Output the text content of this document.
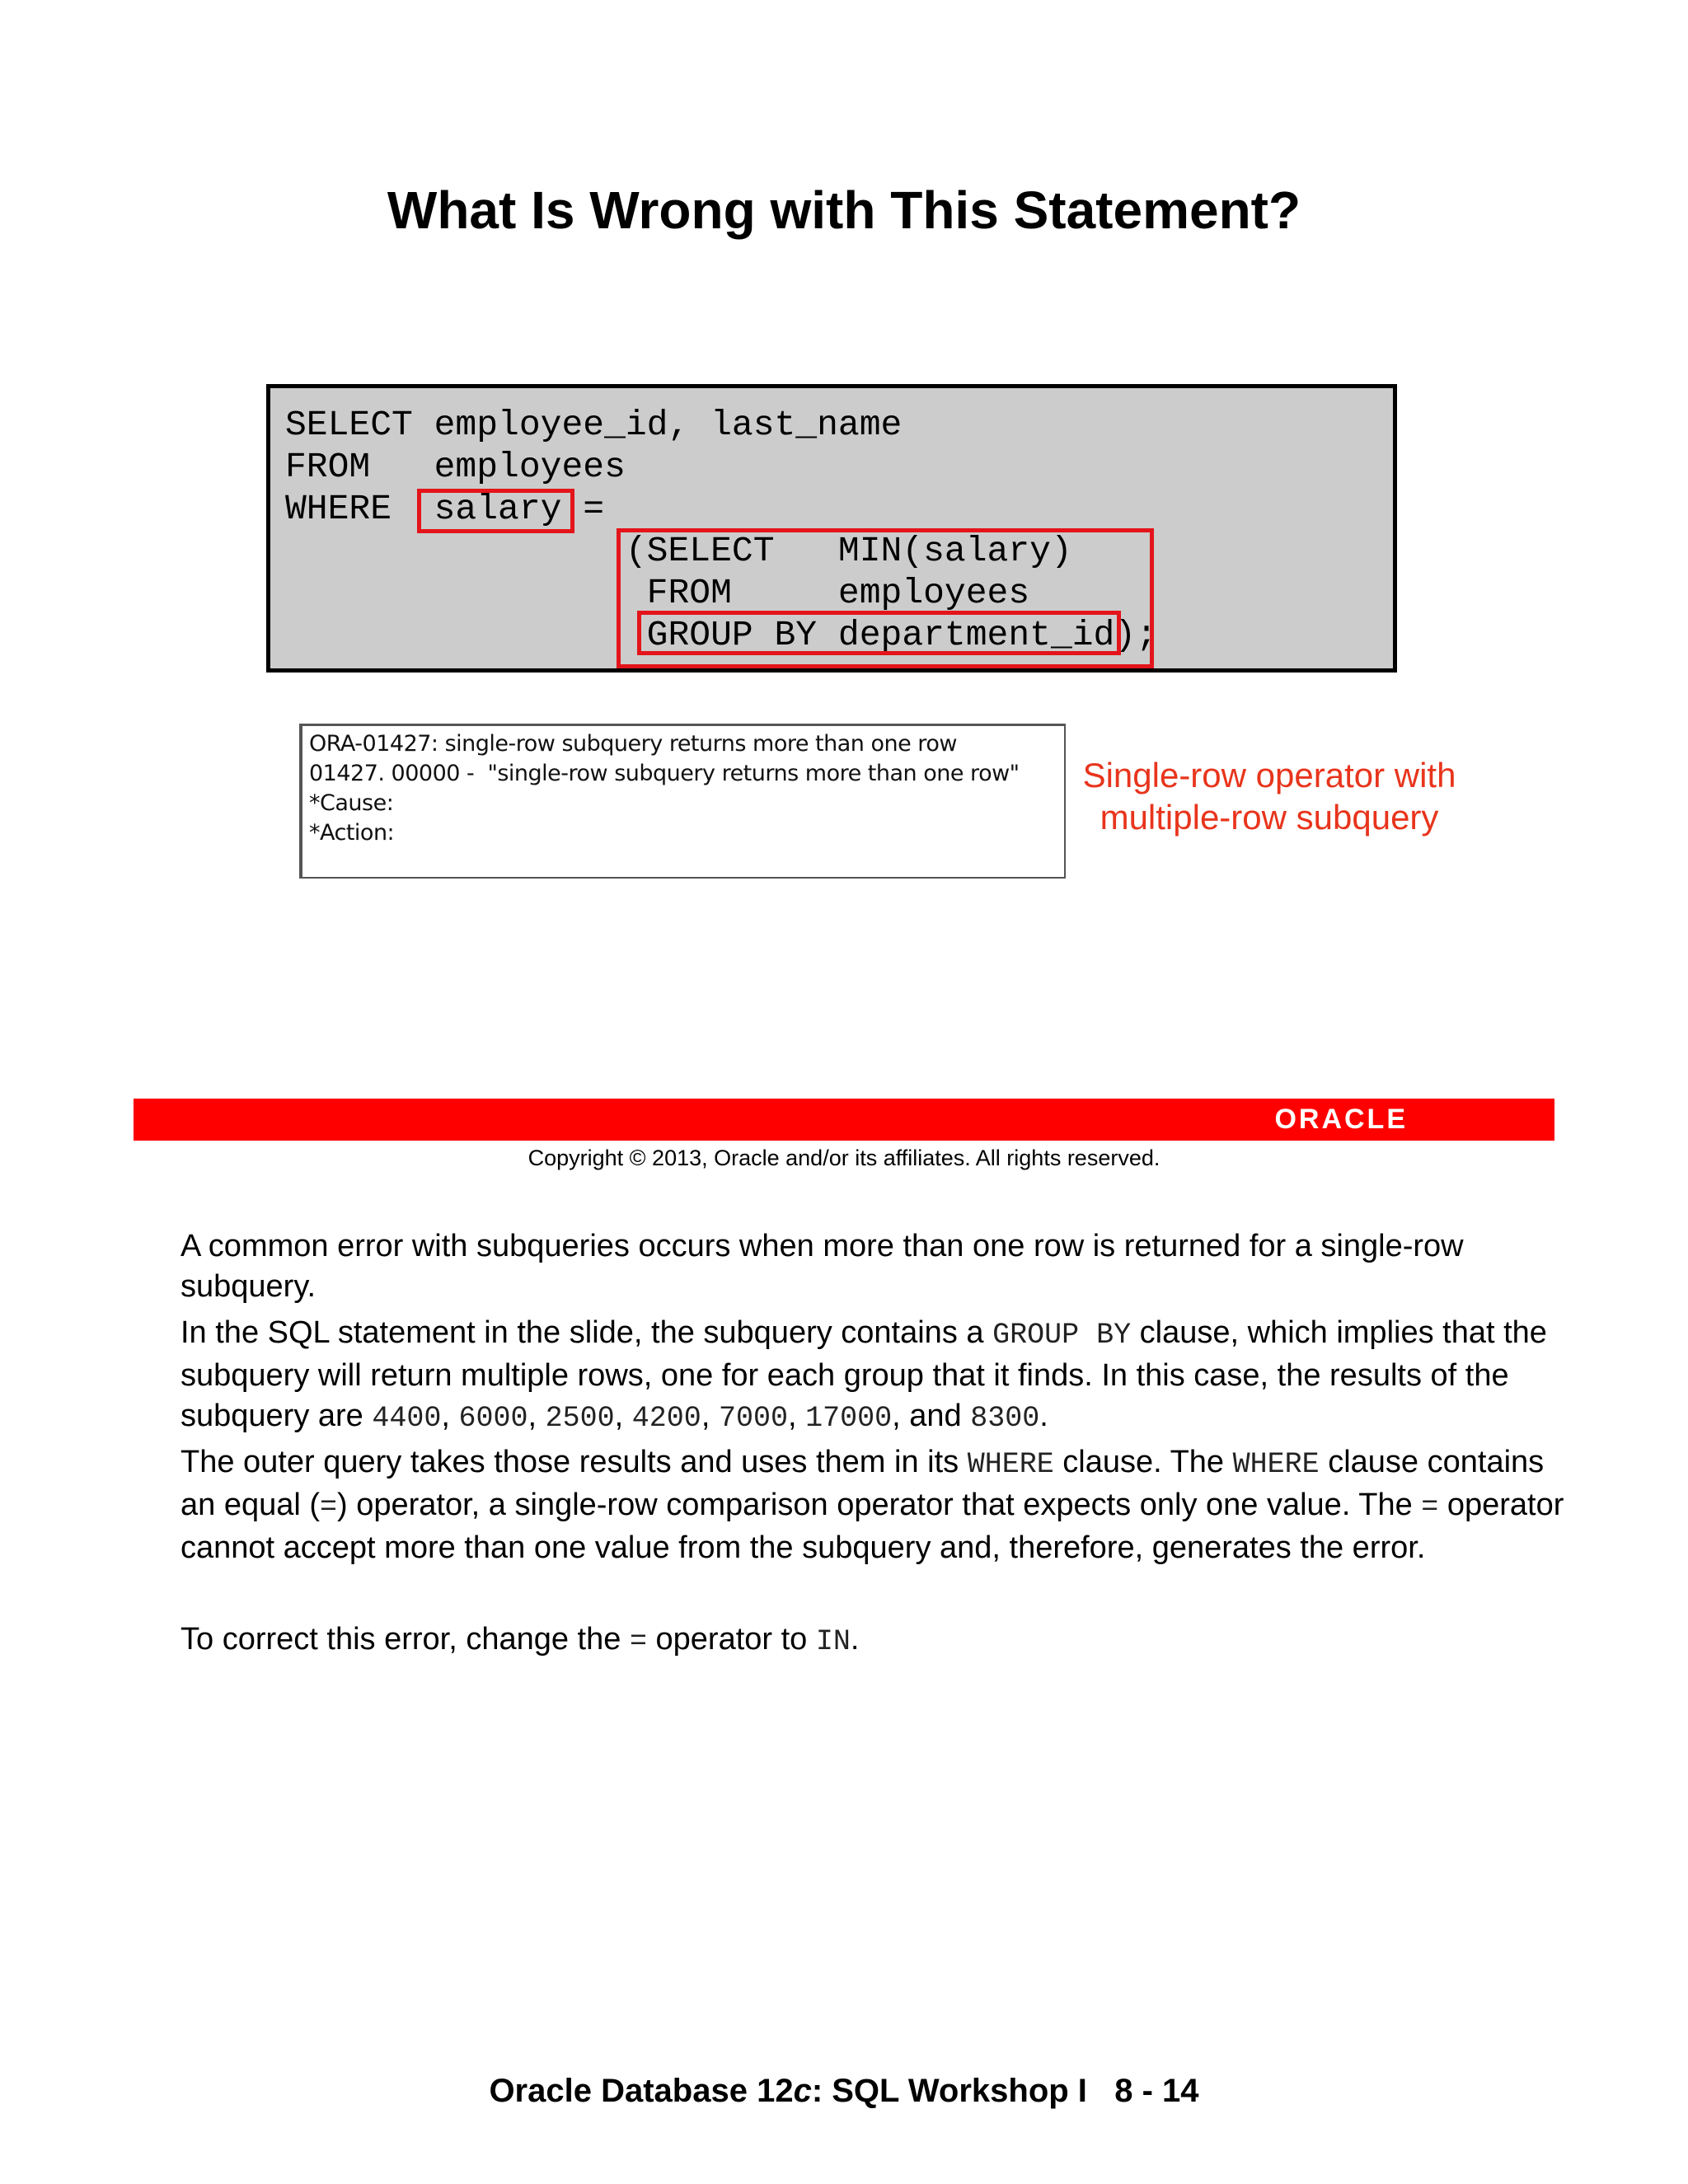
What Is Wrong with This Statement?
SELECT employee_id, last_name
FROM   employees
WHERE  salary =
(SELECT   MIN(salary)
FROM     employees
GROUP BY department_id);
ORA-01427: single-row subquery returns more than one row
01427. 00000 -  "single-row subquery returns more than one row"
*Cause:
*Action:
Single-row operator with
multiple-row subquery
ORACLE
Copyright © 2013, Oracle and/or its affiliates. All rights reserved.
A common error with subqueries occurs when more than one row is returned for a single-row subquery.
In the SQL statement in the slide, the subquery contains a GROUP BY clause, which implies that the subquery will return multiple rows, one for each group that it finds. In this case, the results of the subquery are 4400, 6000, 2500, 4200, 7000, 17000, and 8300.
The outer query takes those results and uses them in its WHERE clause. The WHERE clause contains an equal (=) operator, a single-row comparison operator that expects only one value. The = operator cannot accept more than one value from the subquery and, therefore, generates the error.
To correct this error, change the = operator to IN.
Oracle Database 12c: SQL Workshop I   8 - 14
